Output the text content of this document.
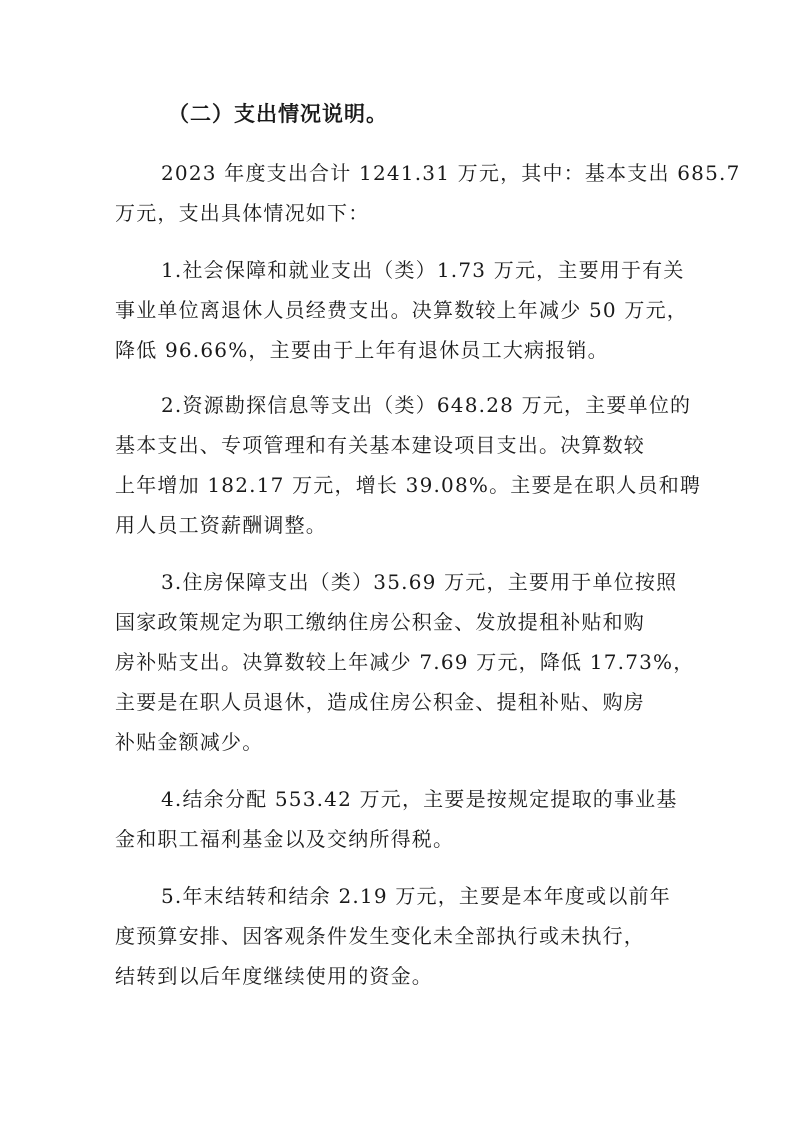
（二）支出情况说明。
2023 年度支出合计 1241.31 万元，其中：基本支出 685.7
万元，支出具体情况如下：
1.社会保障和就业支出（类）1.73 万元，主要用于有关
事业单位离退休人员经费支出。决算数较上年减少 50 万元，
降低 96.66%，主要由于上年有退休员工大病报销。
2.资源勘探信息等支出（类）648.28 万元，主要单位的
基本支出、专项管理和有关基本建设项目支出。决算数较
上年增加 182.17 万元，增长 39.08%。主要是在职人员和聘
用人员工资薪酬调整。
3.住房保障支出（类）35.69 万元，主要用于单位按照
国家政策规定为职工缴纳住房公积金、发放提租补贴和购
房补贴支出。决算数较上年减少 7.69 万元，降低 17.73%，
主要是在职人员退休，造成住房公积金、提租补贴、购房
补贴金额减少。
4.结余分配 553.42 万元，主要是按规定提取的事业基
金和职工福利基金以及交纳所得税。
5.年末结转和结余 2.19 万元，主要是本年度或以前年
度预算安排、因客观条件发生变化未全部执行或未执行，
结转到以后年度继续使用的资金。
